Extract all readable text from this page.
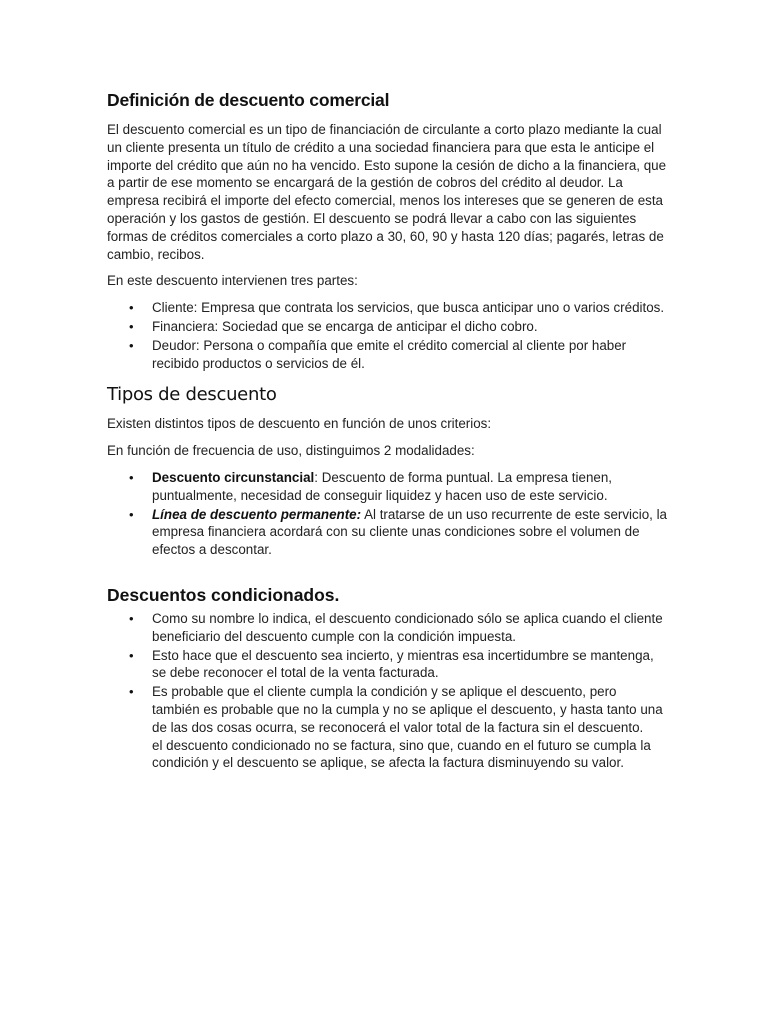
Definición de descuento comercial

El descuento comercial es un tipo de financiación de circulante a corto plazo mediante la cual un cliente presenta un título de crédito a una sociedad financiera para que esta le anticipe el importe del crédito que aún no ha vencido. Esto supone la cesión de dicho a la financiera, que a partir de ese momento se encargará de la gestión de cobros del crédito al deudor. La empresa recibirá el importe del efecto comercial, menos los intereses que se generen de esta operación y los gastos de gestión. El descuento se podrá llevar a cabo con las siguientes formas de créditos comerciales a corto plazo a 30, 60, 90 y hasta 120 días; pagarés, letras de cambio, recibos.

En este descuento intervienen tres partes:

• Cliente: Empresa que contrata los servicios, que busca anticipar uno o varios créditos.
• Financiera: Sociedad que se encarga de anticipar el dicho cobro.
• Deudor: Persona o compañía que emite el crédito comercial al cliente por haber recibido productos o servicios de él.
Tipos de descuento

Existen distintos tipos de descuento en función de unos criterios:

En función de frecuencia de uso, distinguimos 2 modalidades:

• Descuento circunstancial: Descuento de forma puntual. La empresa tienen, puntualmente, necesidad de conseguir liquidez y hacen uso de este servicio.
• Línea de descuento permanente: Al tratarse de un uso recurrente de este servicio, la empresa financiera acordará con su cliente unas condiciones sobre el volumen de efectos a descontar.
Descuentos condicionados.
• Como su nombre lo indica, el descuento condicionado sólo se aplica cuando el cliente beneficiario del descuento cumple con la condición impuesta.
• Esto hace que el descuento sea incierto, y mientras esa incertidumbre se mantenga, se debe reconocer el total de la venta facturada.
• Es probable que el cliente cumpla la condición y se aplique el descuento, pero también es probable que no la cumpla y no se aplique el descuento, y hasta tanto una de las dos cosas ocurra, se reconocerá el valor total de la factura sin el descuento.
el descuento condicionado no se factura, sino que, cuando en el futuro se cumpla la condición y el descuento se aplique, se afecta la factura disminuyendo su valor.
